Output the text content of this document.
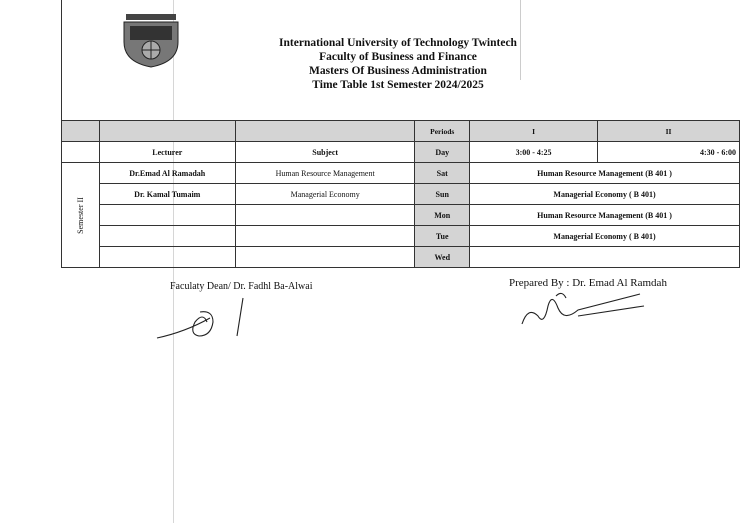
International University of Technology Twintech
Faculty of Business and Finance
Masters Of Business Administration
Time Table 1st Semester 2024/2025
			Periods	I	II
	Lecturer	Subject	Day	3:00 - 4:25	4:30 - 6:00

Semester II	Dr.Emad Al Ramadah	Human Resource Management	Sat	Human Resource Management (B 401 )	
	Dr. Kamal Tumaim	Managerial Economy	Sun	Managerial Economy ( B 401)	
			Mon	Human Resource Management (B 401 )	
			Tue	Managerial Economy ( B 401)	
			Wed		
Faculaty Dean/ Dr. Fadhl Ba-Alwai	Prepared By : Dr. Emad Al Ramdah
